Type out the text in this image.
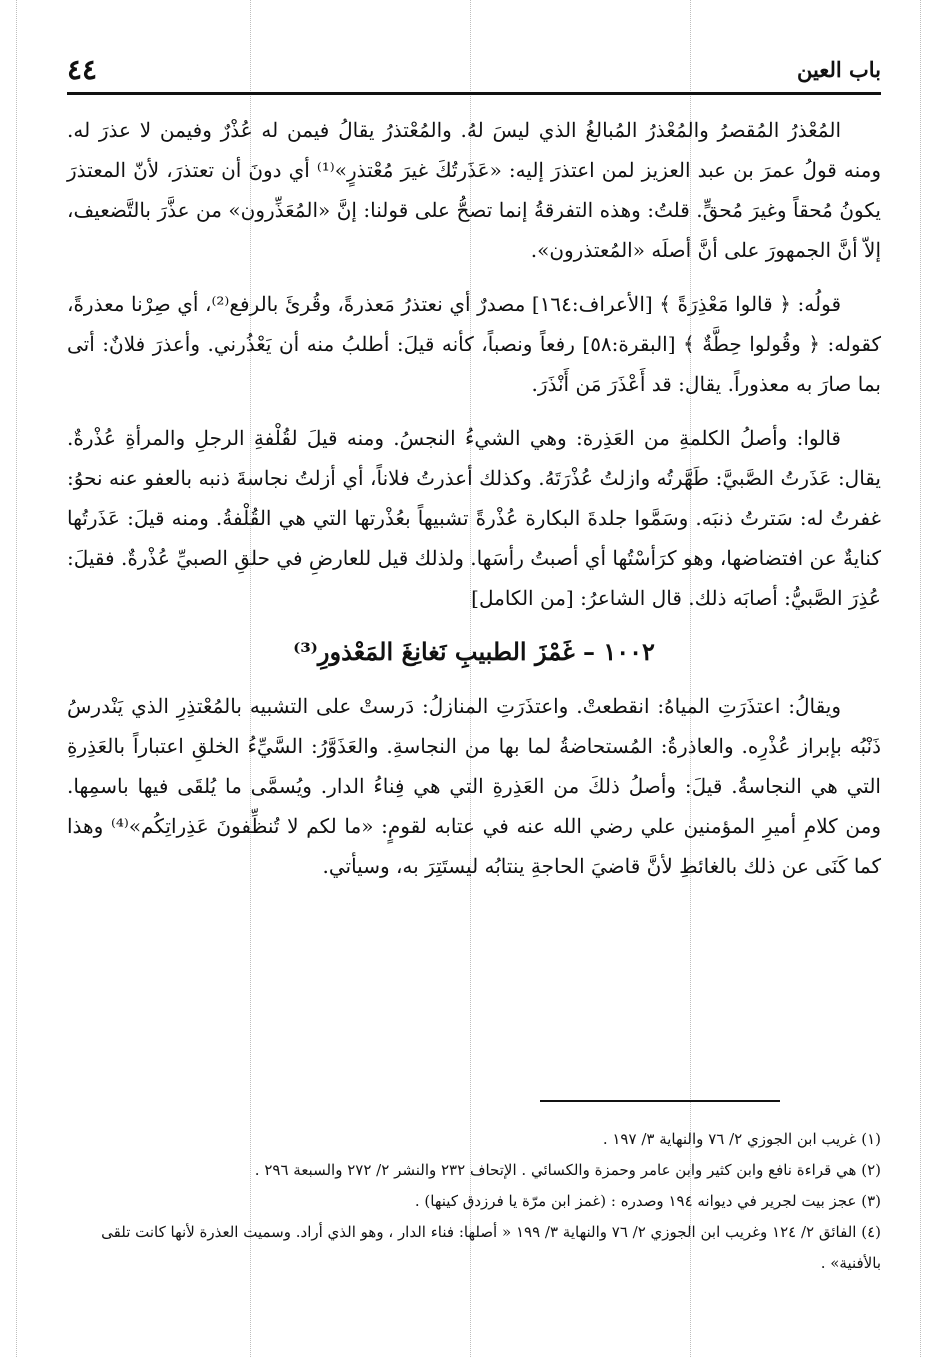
٤٤	باب العين

المُعْذرُ المُقصرُ والمُعْذرُ المُبالغُ الذي ليسَ لهُ. والمُعْتذرُ يقالُ فيمن له عُذْرٌ وفيمن لا عذرَ له. ومنه قولُ عمرَ بن عبد العزيز لمن اعتذرَ إليه: «عَذَرتُكَ غيرَ مُعْتذرٍ»⁽¹⁾ أي دونَ أن تعتذرَ، لأنّ المعتذرَ يكونُ مُحقاً وغيرَ مُحقٍّ. قلتُ: وهذه التفرقةُ إنما تصحُّ على قولنا: إنَّ «المُعَذِّرون» من عذَّرَ بالتَّضعيف، إلاّ أنَّ الجمهورَ على أنَّ أصلَه «المُعتذرون».

قولُه: ﴿ قالوا مَعْذِرَةً ﴾ [الأعراف:١٦٤] مصدرٌ أي نعتذرُ مَعذرةً، وقُرئَ بالرفع⁽²⁾، أي صِرْنا معذرةً، كقوله: ﴿ وقُولوا حِطَّةٌ ﴾ [البقرة:٥٨] رفعاً ونصباً، كأنه قيلَ: أطلبُ منه أن يَعْذُرني. وأعذرَ فلانٌ: أتى بما صارَ به معذوراً. يقال: قد أَعْذَرَ مَن أَنْذَرَ.

قالوا: وأصلُ الكلمةِ من العَذِرة: وهي الشيءُ النجسُ. ومنه قيلَ لقُلْفةِ الرجلِ والمرأةِ عُذْرةٌ. يقال: عَذَرتُ الصَّبيَّ: طَهَّرتُه وازلتُ عُذْرَتَهُ. وكذلك أعذرتُ فلاناً، أي أزلتُ نجاسةَ ذنبه بالعفو عنه نحوُ: غفرتُ له: سَترتُ ذنبَه. وسَمَّوا جلدةَ البكارة عُذْرةً تشبيهاً بعُذْرتها التي هي القُلْفةُ. ومنه قيلَ: عَذَرتُها كنايةٌ عن افتضاضها، وهو كرَأسْتُها أي أصبتُ رأسَها. ولذلك قيل للعارضِ في حلقِ الصبيِّ عُذْرةٌ. فقيلَ: عُذِرَ الصَّبيُّ: أصابَه ذلك. قال الشاعرُ: [من الكامل]

١٠٠٢ – غَمْزَ الطبيبِ نَغانِغَ المَعْذورِ⁽³⁾

ويقالُ: اعتذَرَتِ المياهُ: انقطعتْ. واعتذَرَتِ المنازلُ: دَرستْ على التشبيه بالمُعْتذِرِ الذي يَنْدرسُ ذَنْبُه بإبراز عُذْرِه. والعاذرةُ: المُستحاضةُ لما بها من النجاسةِ. والعَذَوَّرُ: السَّيِّءُ الخلقِ اعتباراً بالعَذِرةِ التي هي النجاسةُ. قيلَ: وأصلُ ذلكَ من العَذِرةِ التي هي فِناءُ الدار. ويُسمَّى ما يُلقَى فيها باسمِها. ومن كلامِ أميرِ المؤمنين علي رضي الله عنه في عتابه لقومٍ: «ما لكم لا تُنظِّفونَ عَذِراتِكُم»⁽⁴⁾ وهذا كما كَنَى عن ذلك بالغائطِ لأنَّ قاضيَ الحاجةِ ينتابُه ليستَتِرَ به، وسيأتي.

(١) غريب ابن الجوزي ٢/ ٧٦ والنهاية ٣/ ١٩٧ .
(٢) هي قراءة نافع وابن كثير وابن عامر وحمزة والكسائي . الإتحاف ٢٣٢ والنشر ٢/ ٢٧٢ والسبعة ٢٩٦ .
(٣) عجز بيت لجرير في ديوانه ١٩٤ وصدره : (غمز ابن مرّة يا فرزدق كينها) .
(٤) الفائق ٢/ ١٢٤ وغريب ابن الجوزي ٢/ ٧٦ والنهاية ٣/ ١٩٩ « أصلها: فناء الدار ، وهو الذي أراد. وسميت العذرة لأنها كانت تلقى بالأفنية» .
